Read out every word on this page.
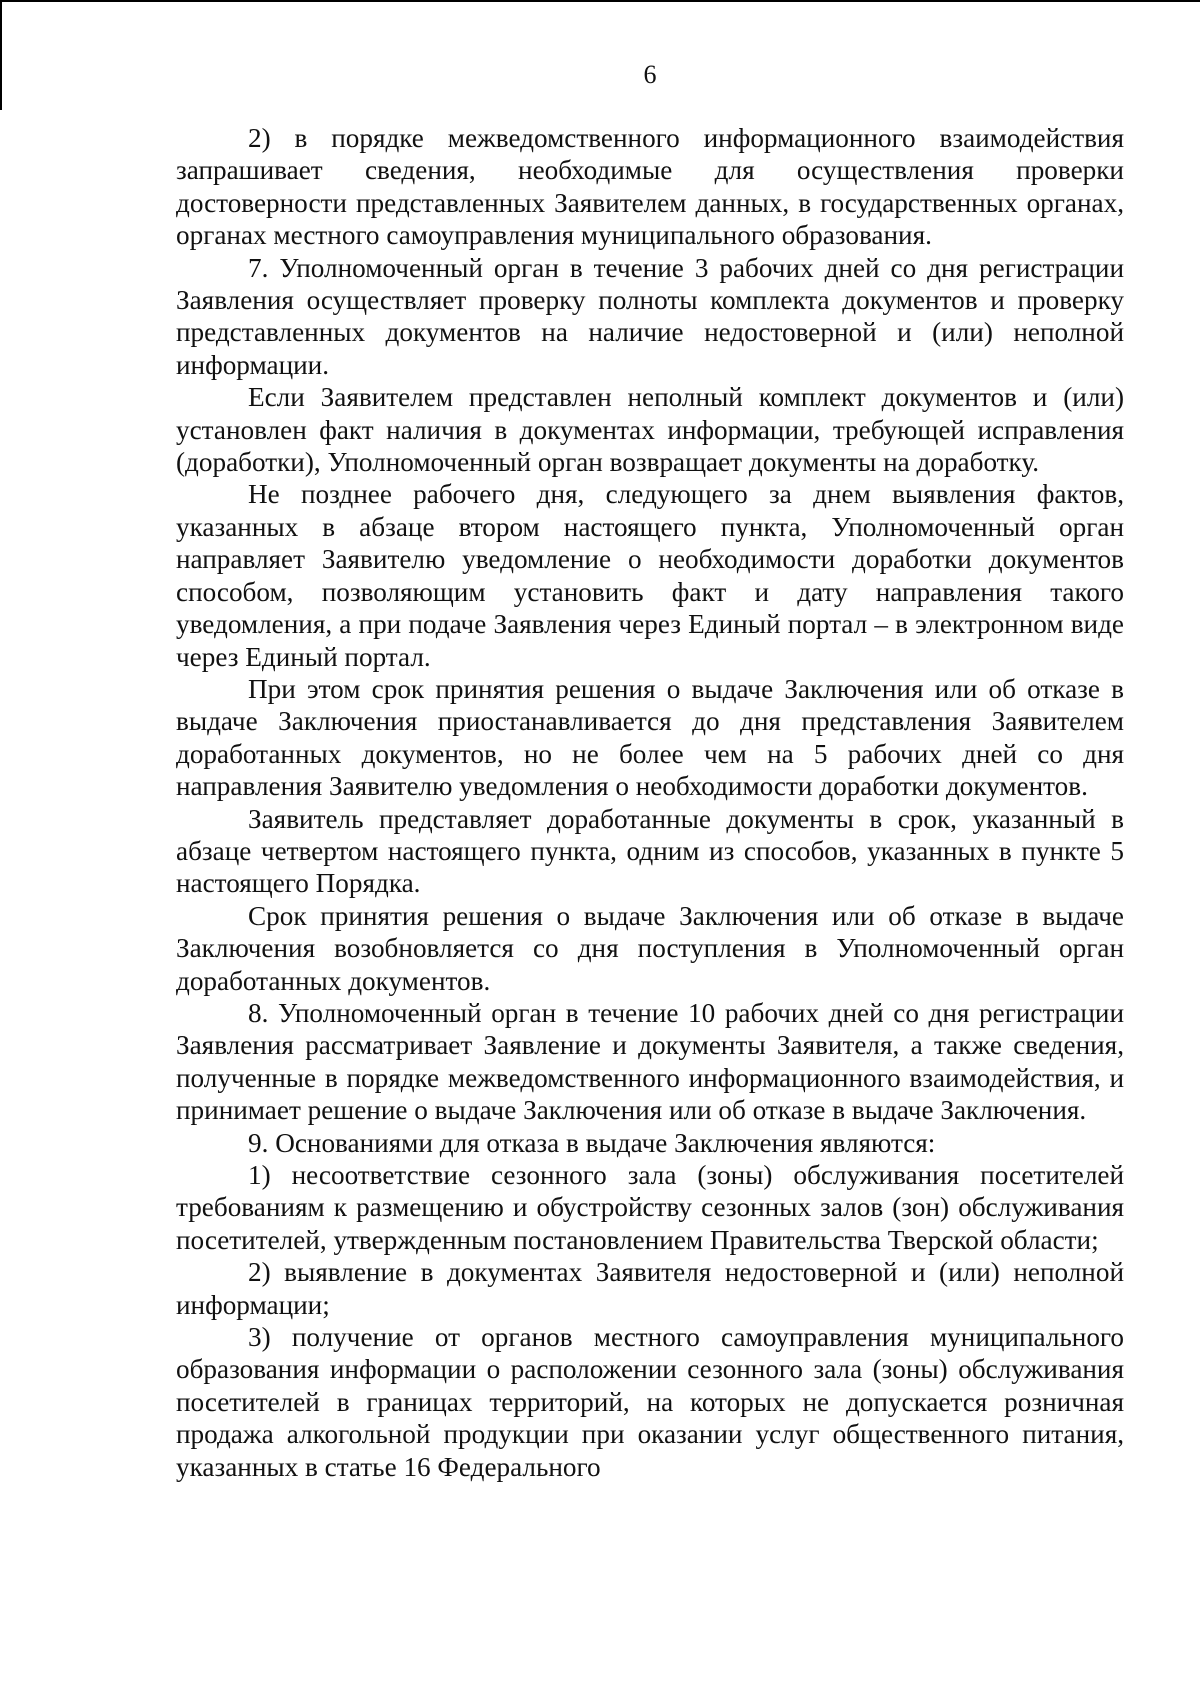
6

2) в порядке межведомственного информационного взаимодействия запрашивает сведения, необходимые для осуществления проверки достоверности представленных Заявителем данных, в государственных органах, органах местного самоуправления муниципального образования.

7. Уполномоченный орган в течение 3 рабочих дней со дня регистрации Заявления осуществляет проверку полноты комплекта документов и проверку представленных документов на наличие недостоверной и (или) неполной информации.

Если Заявителем представлен неполный комплект документов и (или) установлен факт наличия в документах информации, требующей исправления (доработки), Уполномоченный орган возвращает документы на доработку.

Не позднее рабочего дня, следующего за днем выявления фактов, указанных в абзаце втором настоящего пункта, Уполномоченный орган направляет Заявителю уведомление о необходимости доработки документов способом, позволяющим установить факт и дату направления такого уведомления, а при подаче Заявления через Единый портал – в электронном виде через Единый портал.

При этом срок принятия решения о выдаче Заключения или об отказе в выдаче Заключения приостанавливается до дня представления Заявителем доработанных документов, но не более чем на 5 рабочих дней со дня направления Заявителю уведомления о необходимости доработки документов.

Заявитель представляет доработанные документы в срок, указанный в абзаце четвертом настоящего пункта, одним из способов, указанных в пункте 5 настоящего Порядка.

Срок принятия решения о выдаче Заключения или об отказе в выдаче Заключения возобновляется со дня поступления в Уполномоченный орган доработанных документов.

8. Уполномоченный орган в течение 10 рабочих дней со дня регистрации Заявления рассматривает Заявление и документы Заявителя, а также сведения, полученные в порядке межведомственного информационного взаимодействия, и принимает решение о выдаче Заключения или об отказе в выдаче Заключения.

9. Основаниями для отказа в выдаче Заключения являются:

1) несоответствие сезонного зала (зоны) обслуживания посетителей требованиям к размещению и обустройству сезонных залов (зон) обслуживания посетителей, утвержденным постановлением Правительства Тверской области;

2) выявление в документах Заявителя недостоверной и (или) неполной информации;

3) получение от органов местного самоуправления муниципального образования информации о расположении сезонного зала (зоны) обслуживания посетителей в границах территорий, на которых не допускается розничная продажа алкогольной продукции при оказании услуг общественного питания, указанных в статье 16 Федерального
